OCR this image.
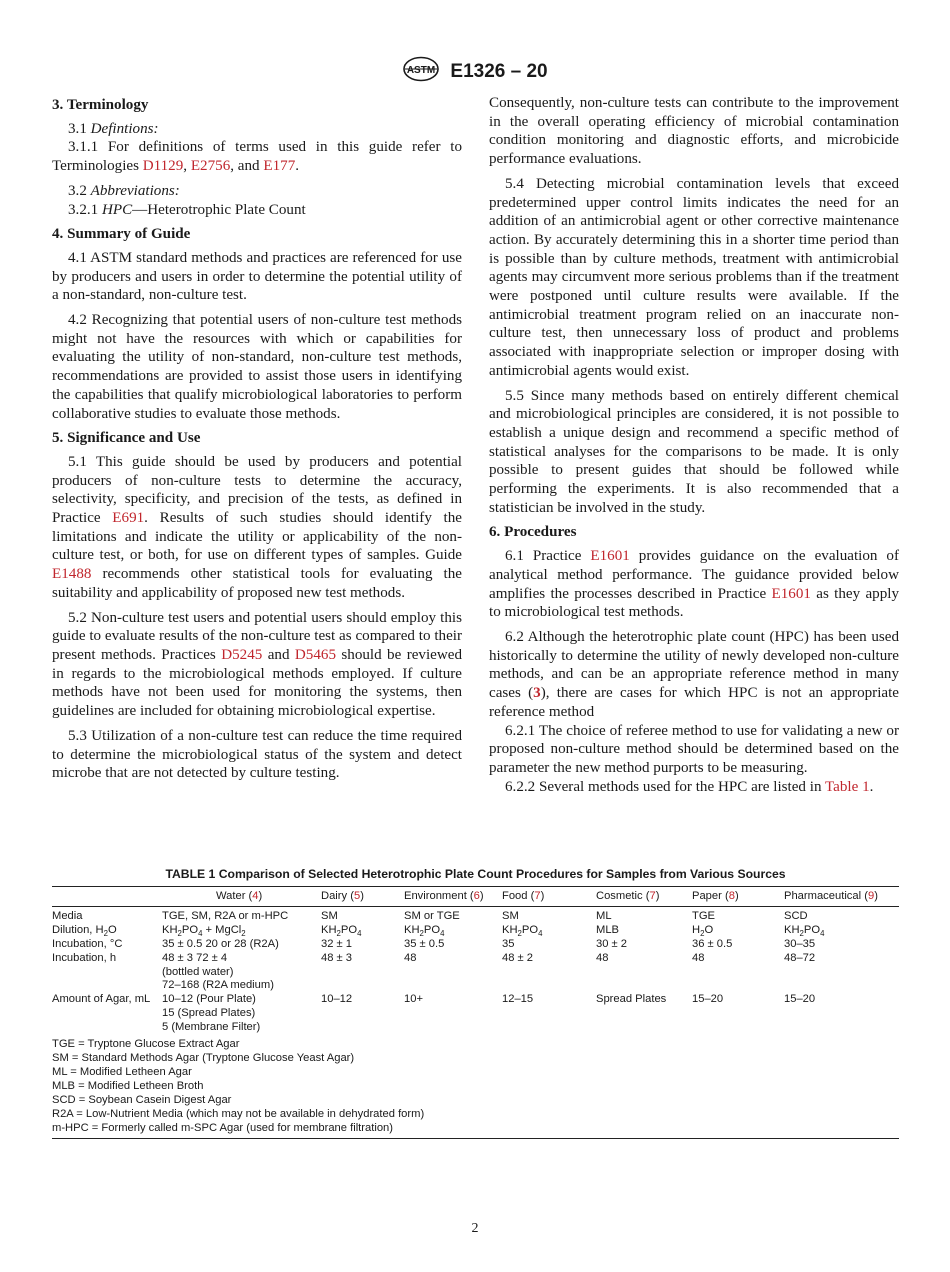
ASTM E1326 – 20
3. Terminology

3.1 Defintions:

3.1.1 For definitions of terms used in this guide refer to Terminologies D1129, E2756, and E177.

3.2 Abbreviations:

3.2.1 HPC—Heterotrophic Plate Count

4. Summary of Guide

4.1 ASTM standard methods and practices are referenced for use by producers and users in order to determine the potential utility of a non-standard, non-culture test.

4.2 Recognizing that potential users of non-culture test methods might not have the resources with which or capabilities for evaluating the utility of non-standard, non-culture test methods, recommendations are provided to assist those users in identifying the capabilities that qualify microbiological laboratories to perform collaborative studies to evaluate those methods.

5. Significance and Use

5.1 This guide should be used by producers and potential producers of non-culture tests to determine the accuracy, selectivity, specificity, and precision of the tests, as defined in Practice E691. Results of such studies should identify the limitations and indicate the utility or applicability of the non-culture test, or both, for use on different types of samples. Guide E1488 recommends other statistical tools for evaluating the suitability and applicability of proposed new test methods.

5.2 Non-culture test users and potential users should employ this guide to evaluate results of the non-culture test as compared to their present methods. Practices D5245 and D5465 should be reviewed in regards to the microbiological methods employed. If culture methods have not been used for monitoring the systems, then guidelines are included for obtaining microbiological expertise.

5.3 Utilization of a non-culture test can reduce the time required to determine the microbiological status of the system and detect microbe that are not detected by culture testing.

Consequently, non-culture tests can contribute to the improvement in the overall operating efficiency of microbial contamination condition monitoring and diagnostic efforts, and microbicide performance evaluations.

5.4 Detecting microbial contamination levels that exceed predetermined upper control limits indicates the need for an addition of an antimicrobial agent or other corrective maintenance action. By accurately determining this in a shorter time period than is possible than by culture methods, treatment with antimicrobial agents may circumvent more serious problems than if the treatment were postponed until culture results were available. If the antimicrobial treatment program relied on an inaccurate non-culture test, then unnecessary loss of product and problems associated with inappropriate selection or improper dosing with antimicrobial agents would exist.

5.5 Since many methods based on entirely different chemical and microbiological principles are considered, it is not possible to establish a unique design and recommend a specific method of statistical analyses for the comparisons to be made. It is only possible to present guides that should be followed while performing the experiments. It is also recommended that a statistician be involved in the study.

6. Procedures

6.1 Practice E1601 provides guidance on the evaluation of analytical method performance. The guidance provided below amplifies the processes described in Practice E1601 as they apply to microbiological test methods.

6.2 Although the heterotrophic plate count (HPC) has been used historically to determine the utility of newly developed non-culture methods, and can be an appropriate reference method in many cases (3), there are cases for which HPC is not an appropriate reference method

6.2.1 The choice of referee method to use for validating a new or proposed non-culture method should be determined based on the parameter the new method purports to be measuring.

6.2.2 Several methods used for the HPC are listed in Table 1.

TABLE 1 Comparison of Selected Heterotrophic Plate Count Procedures for Samples from Various Sources
	Water (4)	Dairy (5)	Environment (6)	Food (7)	Cosmetic (7)	Paper (8)	Pharmaceutical (9)

Media	TGE, SM, R2A or m-HPC	SM	SM or TGE	SM	ML	TGE	SCD
Dilution, $H_2O$	$KH_2PO_4$ + MgCl$_2$	$KH_2PO_4$	$KH_2PO_4$	$KH_2PO_4$	MLB	$H_2O$	$KH_2PO_4$
Incubation, °C	35 ± 0.5 20 or 28 (R2A)	32 ± 1	35 ± 0.5	35	30 ± 2	36 ± 0.5	30–35
Incubation, h	48 ± 3 72 ± 4
(bottled water)
72–168 (R2A medium)	48 ± 3	48	48 ± 2	48	48	48–72
Amount of Agar, mL	10–12 (Pour Plate)
15 (Spread Plates)
5 (Membrane Filter)	10–12	10+	12–15	Spread Plates	15–20	15–20
TGE = Tryptone Glucose Extract Agar
SM = Standard Methods Agar (Tryptone Glucose Yeast Agar)
ML = Modified Letheen Agar
MLB = Modified Letheen Broth
SCD = Soybean Casein Digest Agar
R2A = Low-Nutrient Media (which may not be available in dehydrated form)
m-HPC = Formerly called m-SPC Agar (used for membrane filtration)
2
